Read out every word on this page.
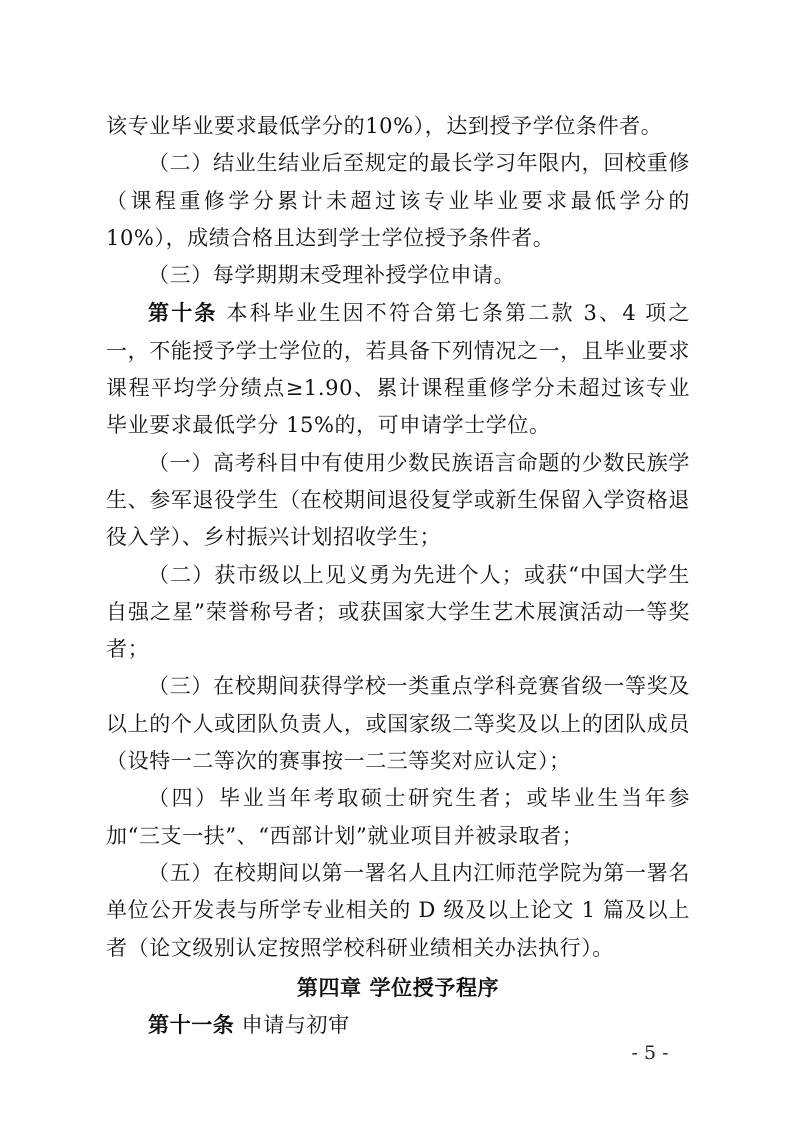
该专业毕业要求最低学分的10%），达到授予学位条件者。

（二）结业生结业后至规定的最长学习年限内，回校重修（课程重修学分累计未超过该专业毕业要求最低学分的 10%），成绩合格且达到学士学位授予条件者。

（三）每学期期末受理补授学位申请。

第十条 本科毕业生因不符合第七条第二款 3、4 项之一，不能授予学士学位的，若具备下列情况之一，且毕业要求课程平均学分绩点≥1.90、累计课程重修学分未超过该专业毕业要求最低学分 15%的，可申请学士学位。

（一）高考科目中有使用少数民族语言命题的少数民族学生、参军退役学生（在校期间退役复学或新生保留入学资格退役入学）、乡村振兴计划招收学生；

（二）获市级以上见义勇为先进个人；或获“中国大学生自强之星”荣誉称号者；或获国家大学生艺术展演活动一等奖者；

（三）在校期间获得学校一类重点学科竞赛省级一等奖及以上的个人或团队负责人，或国家级二等奖及以上的团队成员（设特一二等次的赛事按一二三等奖对应认定）；

（四）毕业当年考取硕士研究生者；或毕业生当年参加“三支一扶”、“西部计划”就业项目并被录取者；

（五）在校期间以第一署名人且内江师范学院为第一署名单位公开发表与所学专业相关的 D 级及以上论文 1 篇及以上者（论文级别认定按照学校科研业绩相关办法执行）。

第四章 学位授予程序

第十一条 申请与初审

- 5 -
